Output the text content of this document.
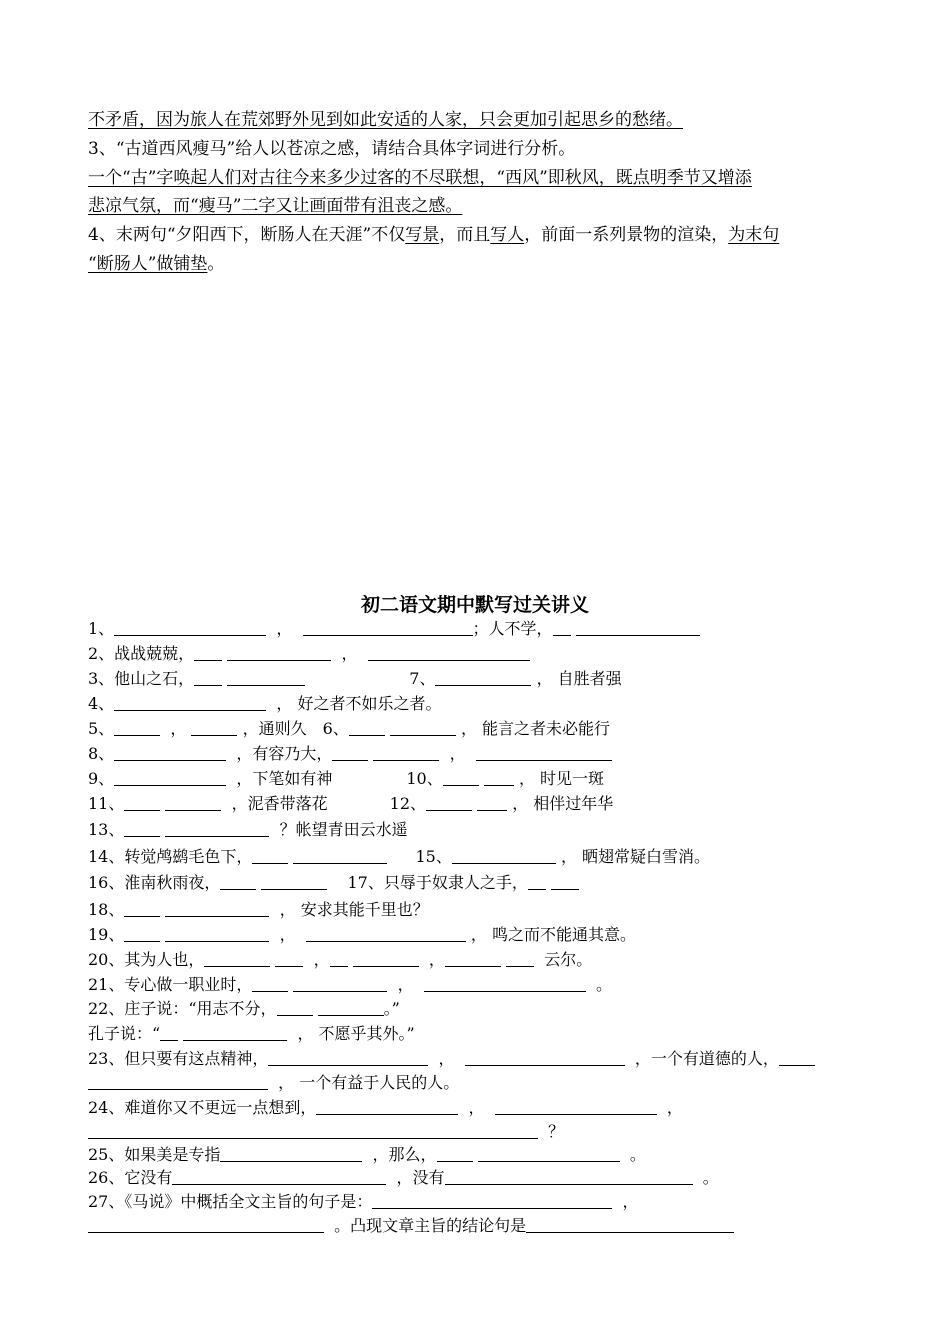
不矛盾，因为旅人在荒郊野外见到如此安适的人家，只会更加引起思乡的愁绪。
3、“古道西风瘦马”给人以苍凉之感，请结合具体字词进行分析。
一个“古”字唤起人们对古往今来多少过客的不尽联想，“西风”即秋风，既点明季节又增添
悲凉气氛，而“瘦马”二字又让画面带有沮丧之感。
4、末两句“夕阳西下，断肠人在天涯”不仅写景，而且写人，前面一系列景物的渲染，为末句
“断肠人”做铺垫。
初二语文期中默写过关讲义
1、	，	；人不学，
2、战战兢兢，	，
3、他山之石，	7、	， 自胜者强
4、	， 好之者不如乐之者。
5、	，	，通则久 6、	， 能言之者未必能行
8、	，有容乃大，	，
9、	，下笔如有神	10、	， 时见一斑
11、	，泥香带落花	12、	， 相伴过年华
13、	？帐望青田云水遥
14、转觉鸬鹚毛色下，	15、	， 晒翅常疑白雪消。
16、淮南秋雨夜，	17、只辱于奴隶人之手，
18、	， 安求其能千里也？
19、	，	， 鸣之而不能通其意。
20、其为人也，	，	，	云尔。
21、专心做一职业时，	，	。
22、庄子说：“用志不分，	。”
孔子说：“	， 不愿乎其外。”
23、但只要有这点精神，	，	，一个有道德的人，
， 一个有益于人民的人。
24、难道你又不更远一点想到，	，	，
？
25、如果美是专指	，那么，	。
26、它没有	，没有	。
27、《马说》中概括全文主旨的句子是：	，
。凸现文章主旨的结论句是
